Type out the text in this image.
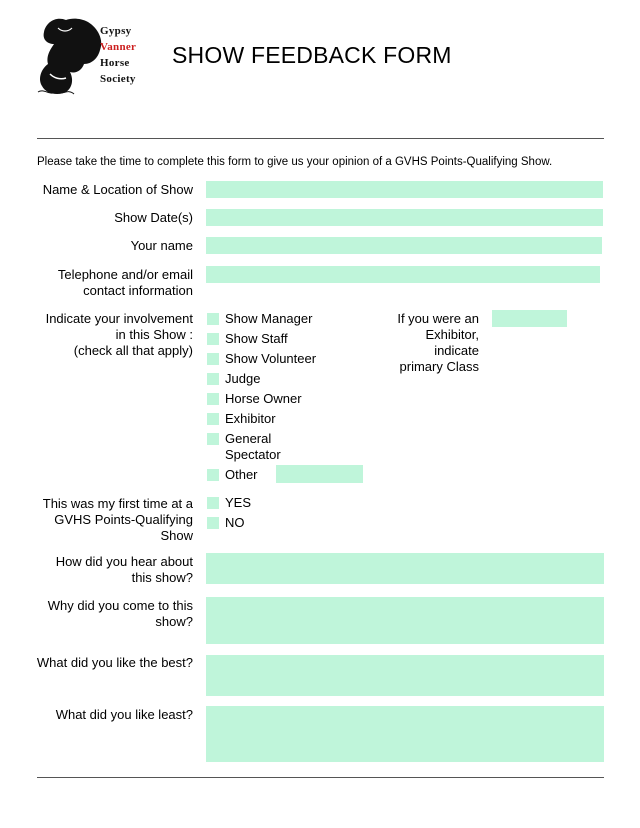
Gypsy
Vanner
Horse
Society
SHOW FEEDBACK FORM
Please take the time to complete this form to give us your opinion of a GVHS Points-Qualifying Show.
Name & Location of Show
Show Date(s)
Your name
Telephone and/or email
contact information
Indicate your involvement
in this Show :
(check all that apply)
Show Manager
Show Staff
Show Volunteer
Judge
Horse Owner
Exhibitor
General
Spectator
Other
If you were an
Exhibitor,
indicate
primary Class
This was my first time at a
GVHS Points-Qualifying
Show
YES
NO
How did you hear about
this show?
Why did you come to this
show?
What did you like the best?
What did you like least?
